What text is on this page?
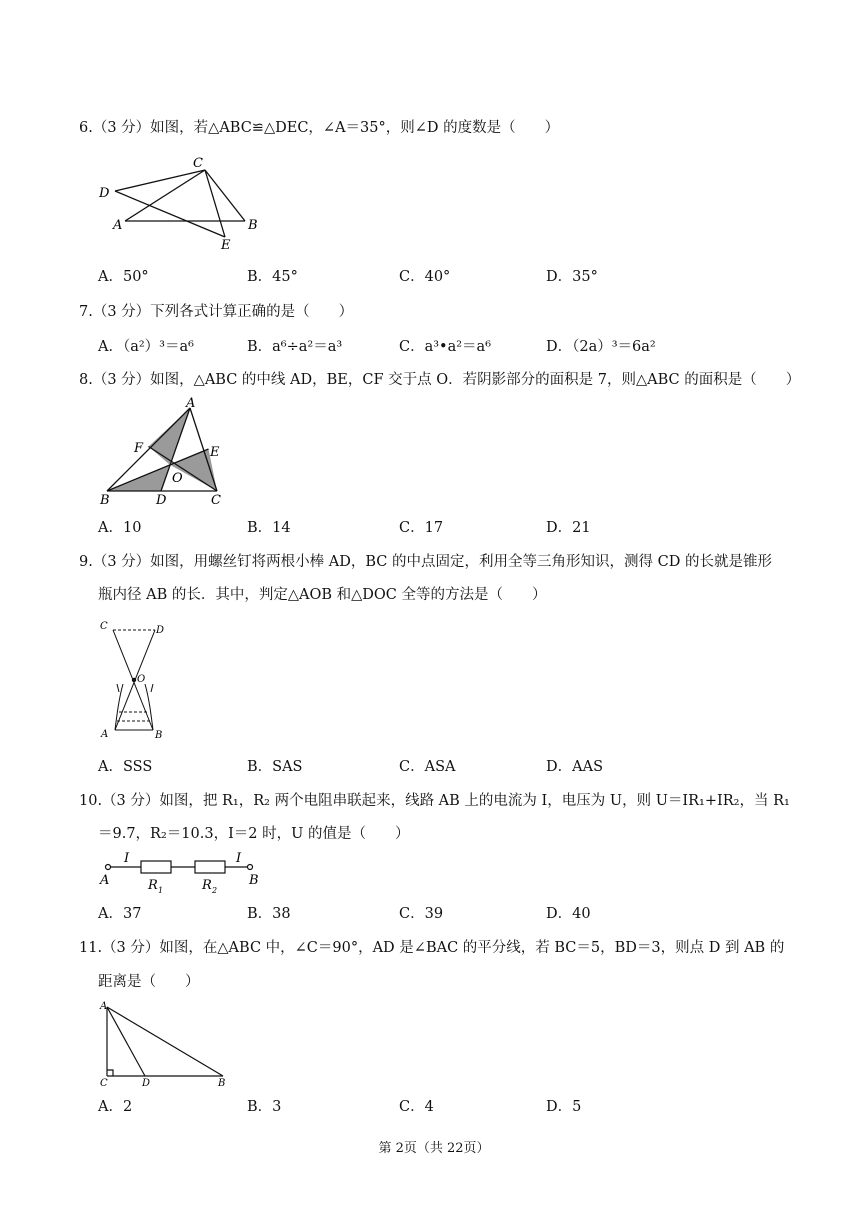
6.（3 分）如图，若△ABC≌△DEC，∠A＝35°，则∠D 的度数是（　　）
C
D
A	B
E
A．50°	B．45°	C．40°	D．35°
7.（3 分）下列各式计算正确的是（　　）
A．（a²）³＝a⁶	B．a⁶÷a²＝a³	C．a³•a²＝a⁶	D．（2a）³＝6a²
8.（3 分）如图，△ABC 的中线 AD，BE，CF 交于点 O．若阴影部分的面积是 7，则△ABC 的面积是（　　）
A
F	E
O
B	D	C
A．10	B．14	C．17	D．21
9.（3 分）如图，用螺丝钉将两根小棒 AD，BC 的中点固定，利用全等三角形知识，测得 CD 的长就是锥形
瓶内径 AB 的长．其中，判定△AOB 和△DOC 全等的方法是（　　）
C	D
O
A	B
A．SSS	B．SAS	C．ASA	D．AAS
10.（3 分）如图，把 R₁，R₂ 两个电阻串联起来，线路 AB 上的电流为 I，电压为 U，则 U＝IR₁+IR₂，当 R₁
＝9.7，R₂＝10.3，I＝2 时，U 的值是（　　）
I	I
A	B
R 1	R 2
A．37	B．38	C．39	D．40
11.（3 分）如图，在△ABC 中，∠C＝90°，AD 是∠BAC 的平分线，若 BC＝5，BD＝3，则点 D 到 AB 的
距离是（　　）
A
C	D	B
A．2	B．3	C．4	D．5
第 2页（共 22页）
